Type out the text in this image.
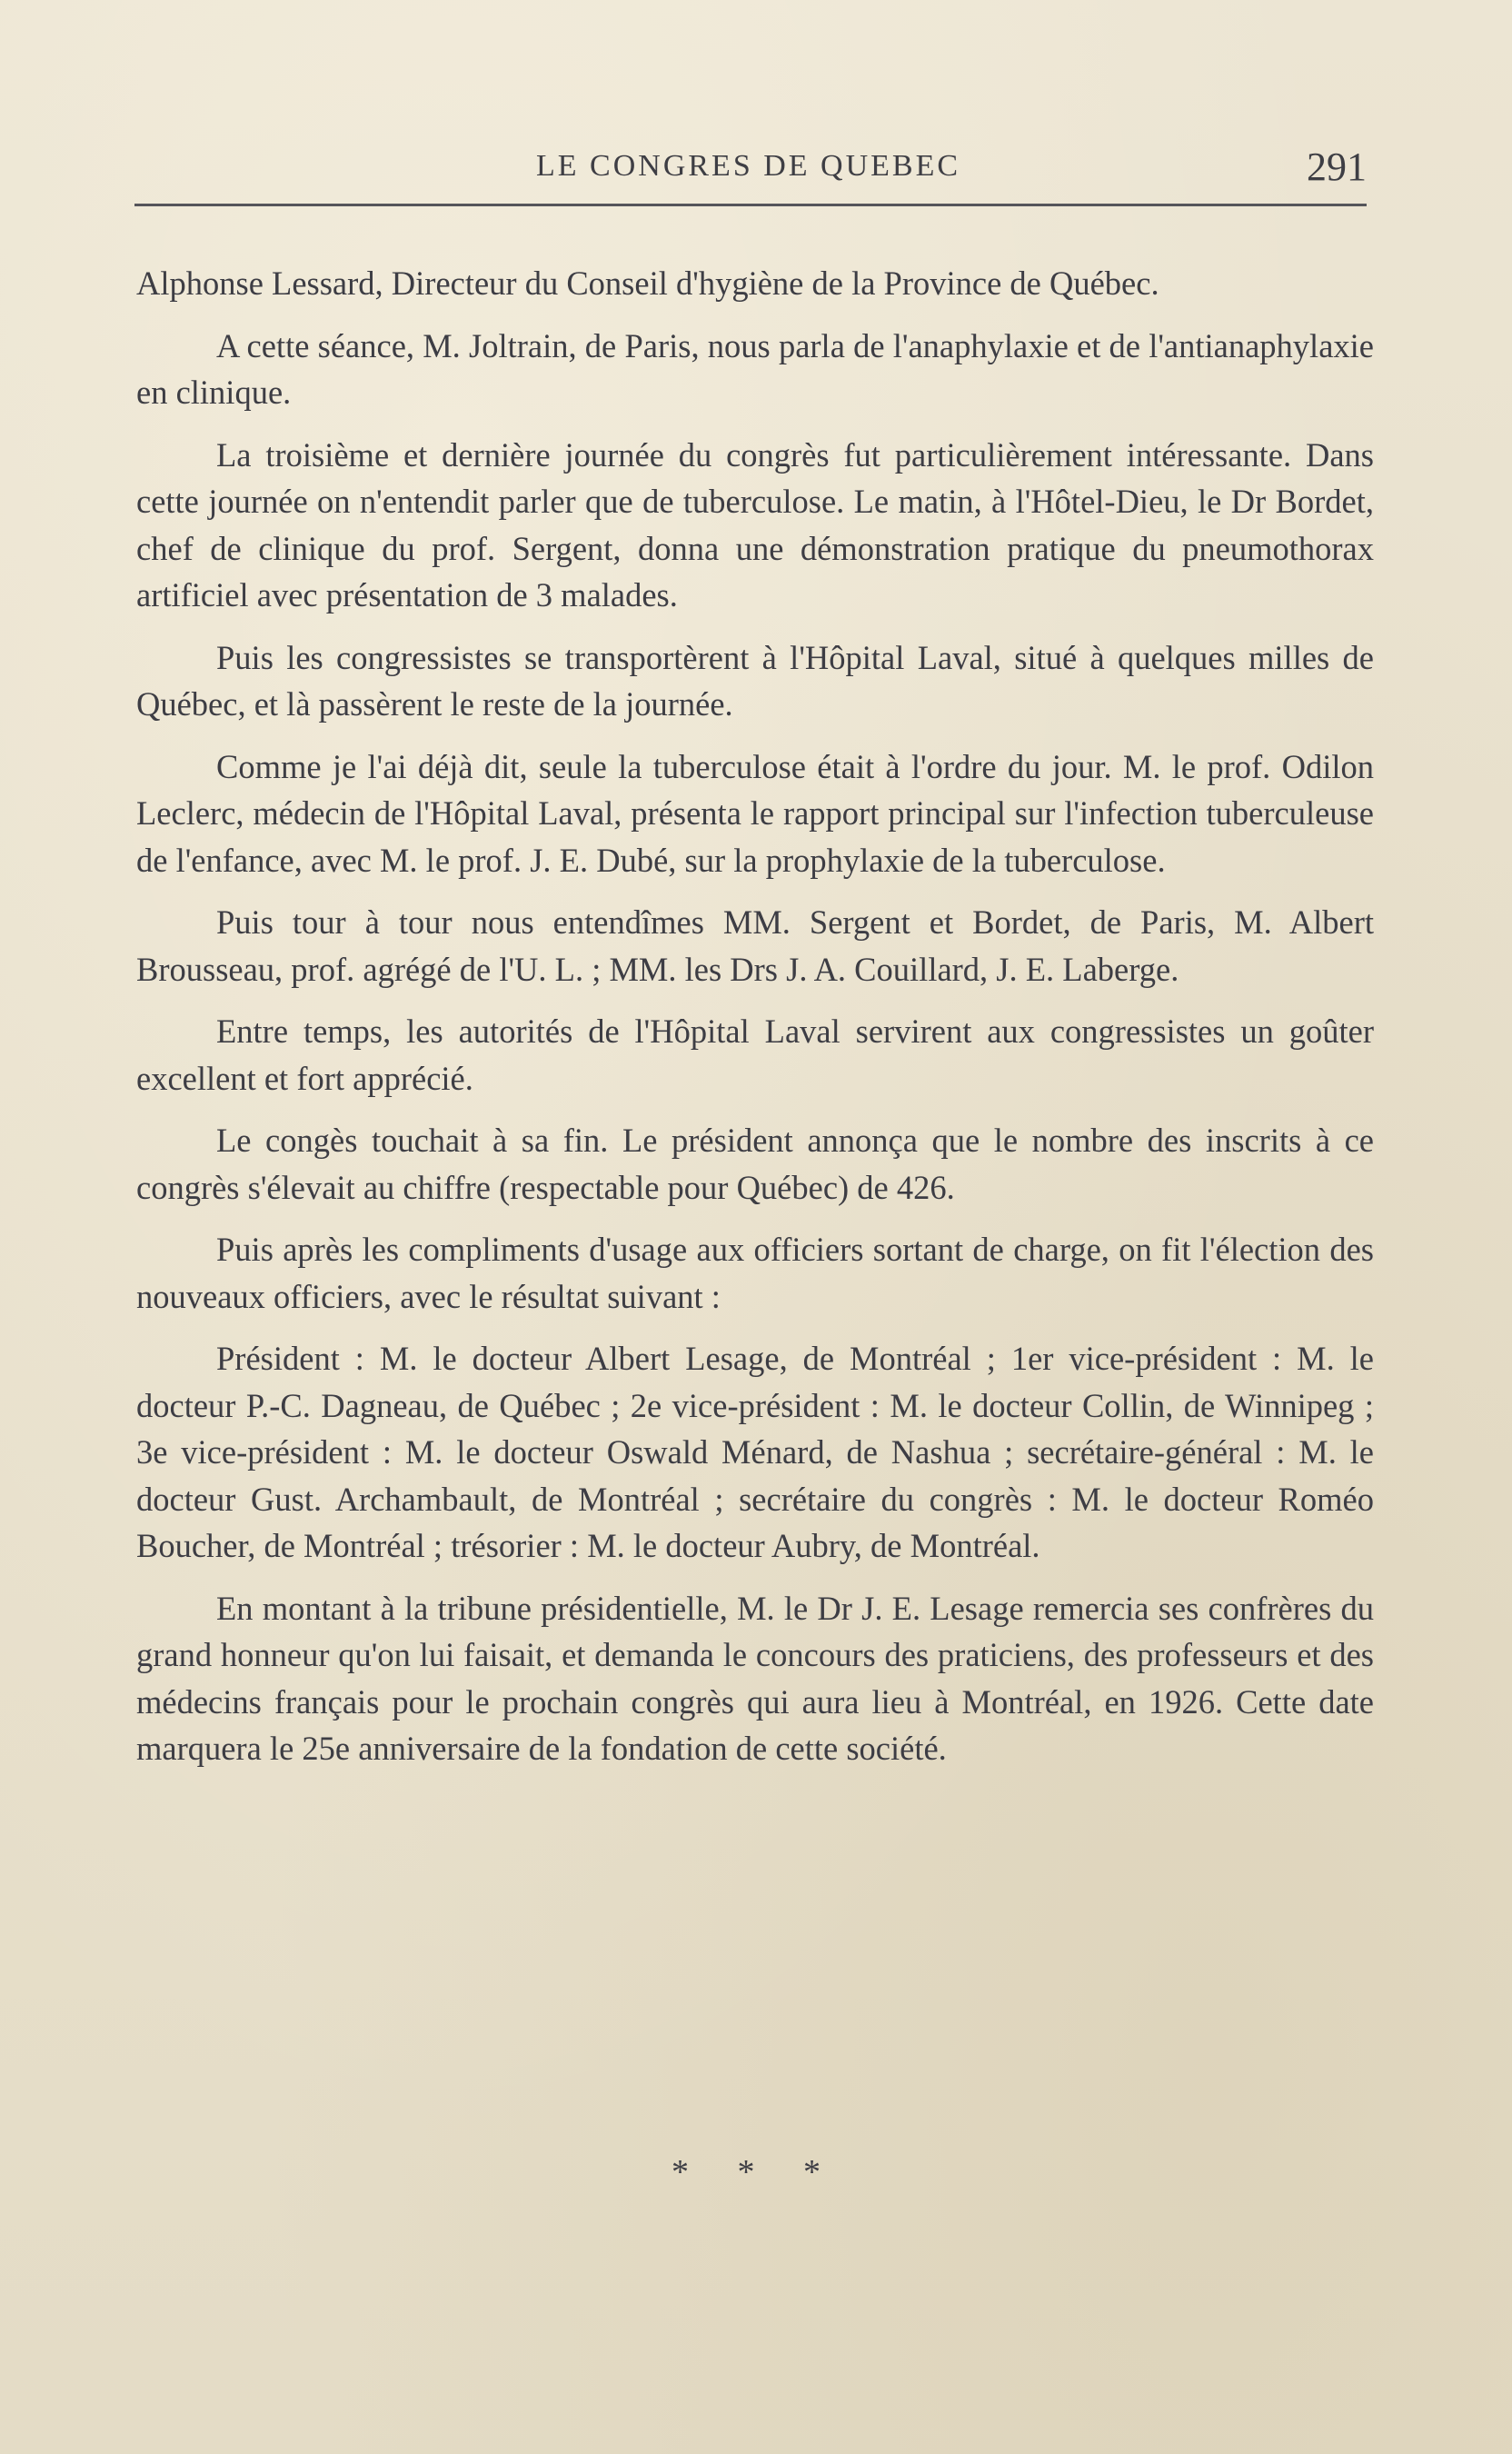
LE CONGRES DE QUEBEC	291

Alphonse Lessard, Directeur du Conseil d'hygiène de la Province de Québec.

A cette séance, M. Joltrain, de Paris, nous parla de l'anaphylaxie et de l'antianaphylaxie en clinique.

La troisième et dernière journée du congrès fut particulièrement intéressante. Dans cette journée on n'entendit parler que de tuberculose. Le matin, à l'Hôtel-Dieu, le Dr Bordet, chef de clinique du prof. Sergent, donna une démonstration pratique du pneumothorax artificiel avec présentation de 3 malades.

Puis les congressistes se transportèrent à l'Hôpital Laval, situé à quelques milles de Québec, et là passèrent le reste de la journée.

Comme je l'ai déjà dit, seule la tuberculose était à l'ordre du jour. M. le prof. Odilon Leclerc, médecin de l'Hôpital Laval, présenta le rapport principal sur l'infection tuberculeuse de l'enfance, avec M. le prof. J. E. Dubé, sur la prophylaxie de la tuberculose.

Puis tour à tour nous entendîmes MM. Sergent et Bordet, de Paris, M. Albert Brousseau, prof. agrégé de l'U. L. ; MM. les Drs J. A. Couillard, J. E. Laberge.

Entre temps, les autorités de l'Hôpital Laval servirent aux congressistes un goûter excellent et fort apprécié.

Le congès touchait à sa fin. Le président annonça que le nombre des inscrits à ce congrès s'élevait au chiffre (respectable pour Québec) de 426.

Puis après les compliments d'usage aux officiers sortant de charge, on fit l'élection des nouveaux officiers, avec le résultat suivant :

Président : M. le docteur Albert Lesage, de Montréal ; 1er vice-président : M. le docteur P.-C. Dagneau, de Québec ; 2e vice-président : M. le docteur Collin, de Winnipeg ; 3e vice-président : M. le docteur Oswald Ménard, de Nashua ; secrétaire-général : M. le docteur Gust. Archambault, de Montréal ; secrétaire du congrès : M. le docteur Roméo Boucher, de Montréal ; trésorier : M. le docteur Aubry, de Montréal.

En montant à la tribune présidentielle, M. le Dr J. E. Lesage remercia ses confrères du grand honneur qu'on lui faisait, et demanda le concours des praticiens, des professeurs et des médecins français pour le prochain congrès qui aura lieu à Montréal, en 1926. Cette date marquera le 25e anniversaire de la fondation de cette société.

* * *
